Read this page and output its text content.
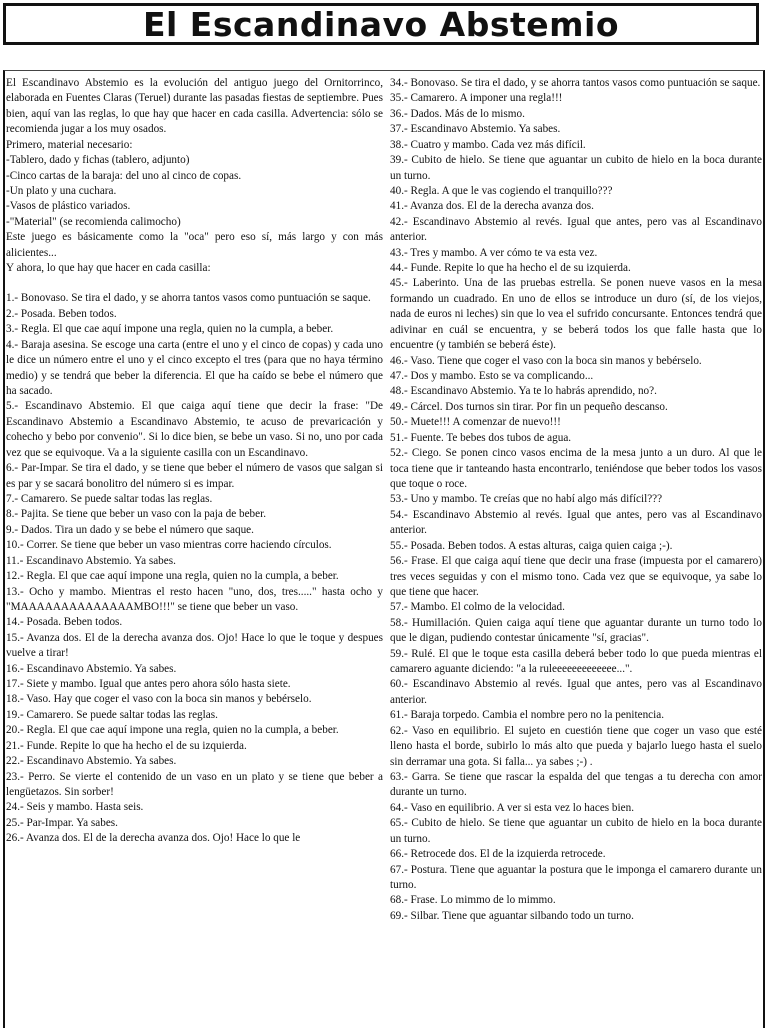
El Escandinavo Abstemio

El Escandinavo Abstemio es la evolución del antiguo juego del Ornitorrinco, elaborada en Fuentes Claras (Teruel) durante las pasadas fiestas de septiembre. Pues bien, aquí van las reglas, lo que hay que hacer en cada casilla. Advertencia: sólo se recomienda jugar a los muy osados.

Primero, material necesario:

-Tablero, dado y fichas (tablero, adjunto)

-Cinco cartas de la baraja: del uno al cinco de copas.

-Un plato y una cuchara.

-Vasos de plástico variados.

-"Material" (se recomienda calimocho)

Este juego es básicamente como la "oca" pero eso sí, más largo y con más alicientes...

Y ahora, lo que hay que hacer en cada casilla:

1.- Bonovaso. Se tira el dado, y se ahorra tantos vasos como puntuación se saque.

2.- Posada. Beben todos.

3.- Regla. El que cae aquí impone una regla, quien no la cumpla, a beber.

4.- Baraja asesina. Se escoge una carta (entre el uno y el cinco de copas) y cada uno le dice un número entre el uno y el cinco excepto el tres (para que no haya término medio) y se tendrá que beber la diferencia. El que ha caído se bebe el número que ha sacado.

5.- Escandinavo Abstemio. El que caiga aquí tiene que decir la frase: "De Escandinavo Abstemio a Escandinavo Abstemio, te acuso de prevaricación y cohecho y bebo por convenio". Si lo dice bien, se bebe un vaso. Si no, uno por cada vez que se equivoque. Va a la siguiente casilla con un Escandinavo.

6.- Par-Impar. Se tira el dado, y se tiene que beber el número de vasos que salgan si es par y se sacará bonolitro del número si es impar.

7.- Camarero. Se puede saltar todas las reglas.

8.- Pajita. Se tiene que beber un vaso con la paja de beber.

9.- Dados. Tira un dado y se bebe el número que saque.

10.- Correr. Se tiene que beber un vaso mientras corre haciendo círculos.

11.- Escandinavo Abstemio. Ya sabes.

12.- Regla. El que cae aquí impone una regla, quien no la cumpla, a beber.

13.- Ocho y mambo. Mientras el resto hacen "uno, dos, tres....." hasta ocho y "MAAAAAAAAAAAAAAMBO!!!" se tiene que beber un vaso.

14.- Posada. Beben todos.

15.- Avanza dos. El de la derecha avanza dos. Ojo! Hace lo que le toque y despues vuelve a tirar!

16.- Escandinavo Abstemio. Ya sabes.

17.- Siete y mambo. Igual que antes pero ahora sólo hasta siete.

18.- Vaso. Hay que coger el vaso con la boca sin manos y bebérselo.

19.- Camarero. Se puede saltar todas las reglas.

20.- Regla. El que cae aquí impone una regla, quien no la cumpla, a beber.

21.- Funde. Repite lo que ha hecho el de su izquierda.

22.- Escandinavo Abstemio. Ya sabes.

23.- Perro. Se vierte el contenido de un vaso en un plato y se tiene que beber a lengüetazos. Sin sorber!

24.- Seis y mambo. Hasta seis.

25.- Par-Impar. Ya sabes.

26.- Avanza dos. El de la derecha avanza dos. Ojo! Hace lo que le

34.- Bonovaso. Se tira el dado, y se ahorra tantos vasos como puntuación se saque.

35.- Camarero. A imponer una regla!!!

36.- Dados. Más de lo mismo.

37.- Escandinavo Abstemio. Ya sabes.

38.- Cuatro y mambo. Cada vez más difícil.

39.- Cubito de hielo. Se tiene que aguantar un cubito de hielo en la boca durante un turno.

40.- Regla. A que le vas cogiendo el tranquillo???

41.- Avanza dos. El de la derecha avanza dos.

42.- Escandinavo Abstemio al revés. Igual que antes, pero vas al Escandinavo anterior.

43.- Tres y mambo. A ver cómo te va esta vez.

44.- Funde. Repite lo que ha hecho el de su izquierda.

45.- Laberinto. Una de las pruebas estrella. Se ponen nueve vasos en la mesa formando un cuadrado. En uno de ellos se introduce un duro (sí, de los viejos, nada de euros ni leches) sin que lo vea el sufrido concursante. Entonces tendrá que adivinar en cuál se encuentra, y se beberá todos los que falle hasta que lo encuentre (y también se beberá éste).

46.- Vaso. Tiene que coger el vaso con la boca sin manos y bebérselo.

47.- Dos y mambo. Esto se va complicando...

48.- Escandinavo Abstemio. Ya te lo habrás aprendido, no?.

49.- Cárcel. Dos turnos sin tirar. Por fin un pequeño descanso.

50.- Muete!!! A comenzar de nuevo!!!

51.- Fuente. Te bebes dos tubos de agua.

52.- Ciego. Se ponen cinco vasos encima de la mesa junto a un duro. Al que le toca tiene que ir tanteando hasta encontrarlo, teniéndose que beber todos los vasos que toque o roce.

53.- Uno y mambo. Te creías que no habí algo más difícil???

54.- Escandinavo Abstemio al revés. Igual que antes, pero vas al Escandinavo anterior.

55.- Posada. Beben todos. A estas alturas, caiga quien caiga ;-).

56.- Frase. El que caiga aquí tiene que decir una frase (impuesta por el camarero) tres veces seguidas y con el mismo tono. Cada vez que se equivoque, ya sabe lo que tiene que hacer.

57.- Mambo. El colmo de la velocidad.

58.- Humillación. Quien caiga aquí tiene que aguantar durante un turno todo lo que le digan, pudiendo contestar únicamente "sí, gracias".

59.- Rulé. El que le toque esta casilla deberá beber todo lo que pueda mientras el camarero aguante diciendo: "a la ruleeeeeeeeeeeee...".

60.- Escandinavo Abstemio al revés. Igual que antes, pero vas al Escandinavo anterior.

61.- Baraja torpedo. Cambia el nombre pero no la penitencia.

62.- Vaso en equilibrio. El sujeto en cuestión tiene que coger un vaso que esté lleno hasta el borde, subirlo lo más alto que pueda y bajarlo luego hasta el suelo sin derramar una gota. Si falla... ya sabes ;-) .

63.- Garra. Se tiene que rascar la espalda del que tengas a tu derecha con amor durante un turno.

64.- Vaso en equilibrio. A ver si esta vez lo haces bien.

65.- Cubito de hielo. Se tiene que aguantar un cubito de hielo en la boca durante un turno.

66.- Retrocede dos. El de la izquierda retrocede.

67.- Postura. Tiene que aguantar la postura que le imponga el camarero durante un turno.

68.- Frase. Lo mimmo de lo mimmo.

69.- Silbar. Tiene que aguantar silbando todo un turno.
